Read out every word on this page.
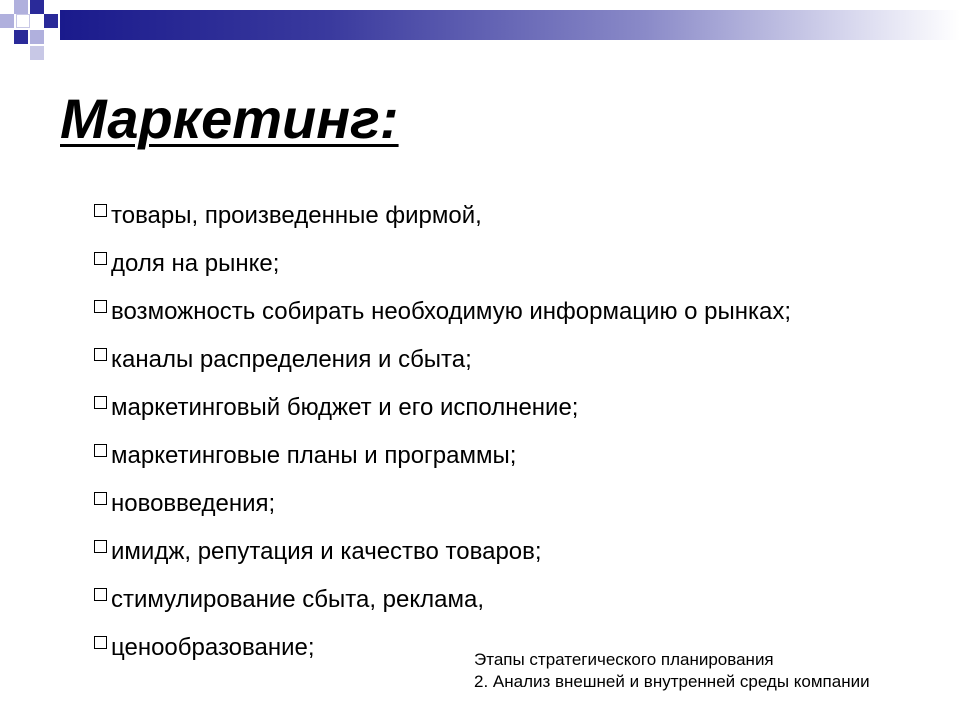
Маркетинг:
товары, произведенные фирмой,
доля на рынке;
возможность собирать необходимую информацию о рынках;
каналы распределения и сбыта;
маркетинговый бюджет и его исполнение;
маркетинговые планы и программы;
нововведения;
имидж, репутация и качество товаров;
стимулирование сбыта, реклама,
ценообразование;	Этапы стратегического планирования
2. Анализ внешней и внутренней среды компании
